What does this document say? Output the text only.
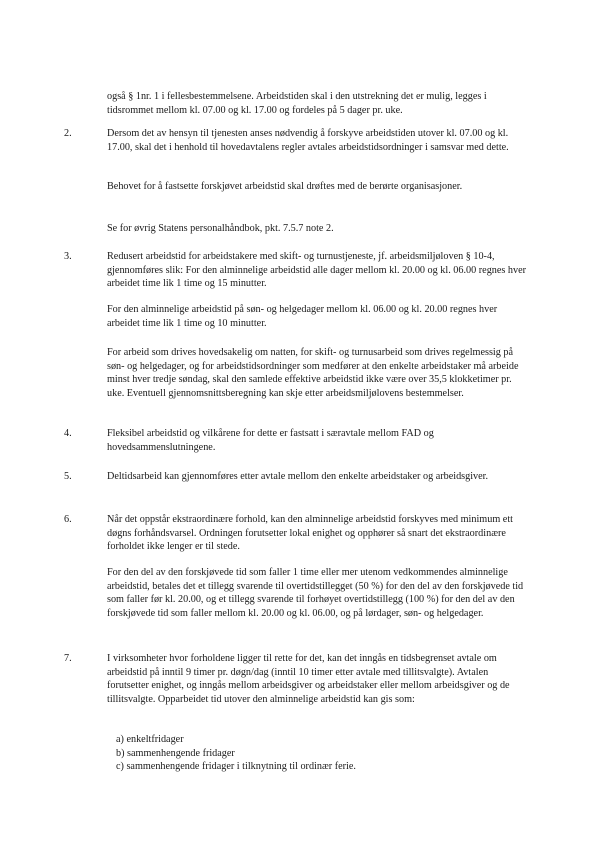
også § 1nr. 1 i fellesbestemmelsene. Arbeidstiden skal i den utstrekning det er mulig, legges i tidsrommet mellom kl. 07.00 og kl. 17.00 og fordeles på 5 dager pr. uke.

2.	Dersom det av hensyn til tjenesten anses nødvendig å forskyve arbeidstiden utover kl. 07.00 og kl. 17.00, skal det i henhold til hovedavtalens regler avtales arbeidstidsordninger i samsvar med dette.

Behovet for å fastsette forskjøvet arbeidstid skal drøftes med de berørte organisasjoner.

Se for øvrig Statens personalhåndbok, pkt. 7.5.7 note 2.

3.	Redusert arbeidstid for arbeidstakere med skift- og turnustjeneste, jf. arbeidsmiljøloven § 10-4, gjennomføres slik: For den alminnelige arbeidstid alle dager mellom kl. 20.00 og kl. 06.00 regnes hver arbeidet time lik 1 time og 15 minutter.

For den alminnelige arbeidstid på søn- og helgedager mellom kl. 06.00 og kl. 20.00 regnes hver arbeidet time lik 1 time og 10 minutter.

For arbeid som drives hovedsakelig om natten, for skift- og turnusarbeid som drives regelmessig på søn- og helgedager, og for arbeidstidsordninger som medfører at den enkelte arbeidstaker må arbeide minst hver tredje søndag, skal den samlede effektive arbeidstid ikke være over 35,5 klokketimer pr. uke. Eventuell gjennomsnittsberegning kan skje etter arbeidsmiljølovens bestemmelser.

4.	Fleksibel arbeidstid og vilkårene for dette er fastsatt i særavtale mellom FAD og hovedsammenslutningene.

5.	Deltidsarbeid kan gjennomføres etter avtale mellom den enkelte arbeidstaker og arbeidsgiver.

6.	Når det oppstår ekstraordinære forhold, kan den alminnelige arbeidstid forskyves med minimum ett døgns forhåndsvarsel. Ordningen forutsetter lokal enighet og opphører så snart det ekstraordinære forholdet ikke lenger er til stede.

For den del av den forskjøvede tid som faller 1 time eller mer utenom vedkommendes alminnelige arbeidstid, betales det et tillegg svarende til overtidstillegget (50 %) for den del av den forskjøvede tid som faller før kl. 20.00, og et tillegg svarende til forhøyet overtidstillegg (100 %) for den del av den forskjøvede tid som faller mellom kl. 20.00 og kl. 06.00, og på lørdager, søn- og helgedager.

7.	I virksomheter hvor forholdene ligger til rette for det, kan det inngås en tidsbegrenset avtale om arbeidstid på inntil 9 timer pr. døgn/dag (inntil 10 timer etter avtale med tillitsvalgte). Avtalen forutsetter enighet, og inngås mellom arbeidsgiver og arbeidstaker eller mellom arbeidsgiver og de tillitsvalgte. Opparbeidet tid utover den alminnelige arbeidstid kan gis som:

a) enkeltfridager

b) sammenhengende fridager

c) sammenhengende fridager i tilknytning til ordinær ferie.
